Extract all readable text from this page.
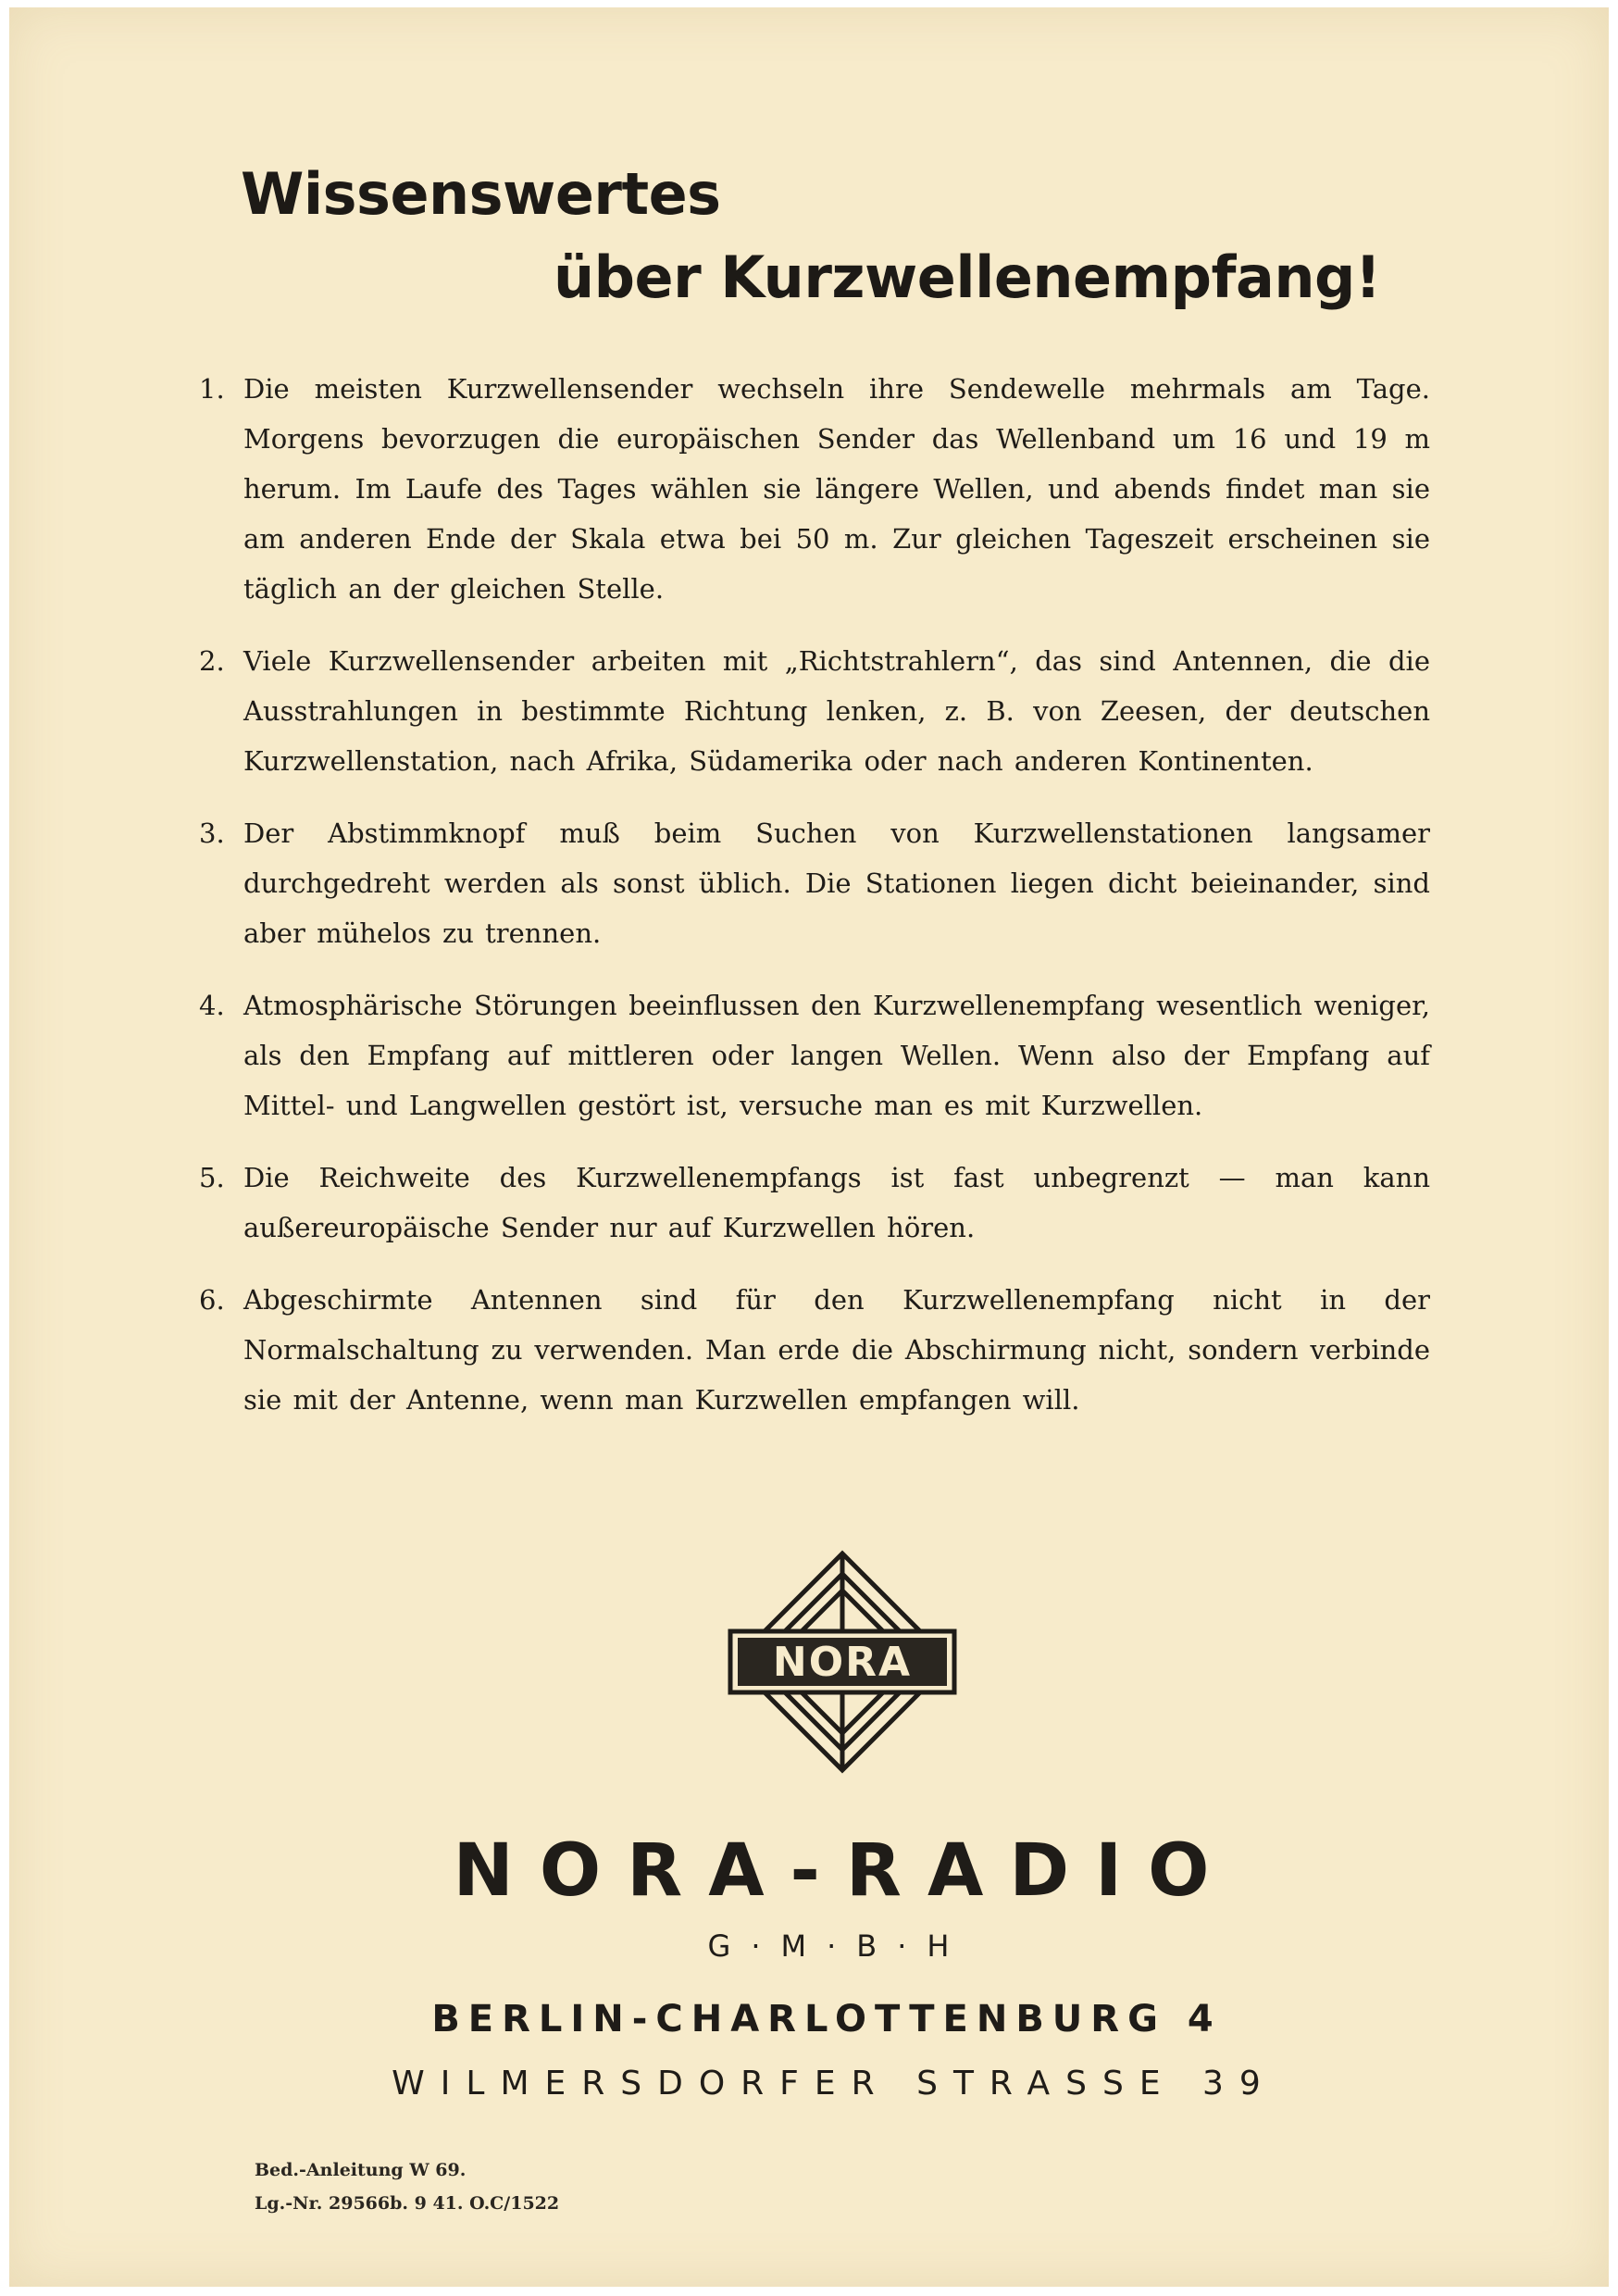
Wissenswertes
über Kurzwellenempfang!
1. Die meisten Kurzwellensender wechseln ihre Sendewelle mehrmals am Tage. Morgens bevorzugen die europäischen Sender das Wellenband um 16 und 19 m herum. Im Laufe des Tages wählen sie längere Wellen, und abends findet man sie am anderen Ende der Skala etwa bei 50 m. Zur gleichen Tageszeit erscheinen sie täglich an der gleichen Stelle.
2. Viele Kurzwellensender arbeiten mit „Richtstrahlern“, das sind Antennen, die die Ausstrahlungen in bestimmte Richtung lenken, z. B. von Zeesen, der deutschen Kurzwellenstation, nach Afrika, Südamerika oder nach anderen Kontinenten.
3. Der Abstimmknopf muß beim Suchen von Kurzwellenstationen langsamer durchgedreht werden als sonst üblich. Die Stationen liegen dicht beieinander, sind aber mühelos zu trennen.
4. Atmosphärische Störungen beeinflussen den Kurzwellenempfang wesentlich weniger, als den Empfang auf mittleren oder langen Wellen. Wenn also der Empfang auf Mittel- und Langwellen gestört ist, versuche man es mit Kurzwellen.
5. Die Reichweite des Kurzwellenempfangs ist fast unbegrenzt — man kann außereuropäische Sender nur auf Kurzwellen hören.
6. Abgeschirmte Antennen sind für den Kurzwellenempfang nicht in der Normalschaltung zu verwenden. Man erde die Abschirmung nicht, sondern verbinde sie mit der Antenne, wenn man Kurzwellen empfangen will.
NORA

NORA-RADIO

G·M·B·H

BERLIN-CHARLOTTENBURG 4

WILMERSDORFER STRASSE 39

Bed.-Anleitung W 69.

Lg.-Nr. 29566b. 9 41. O.C/1522
